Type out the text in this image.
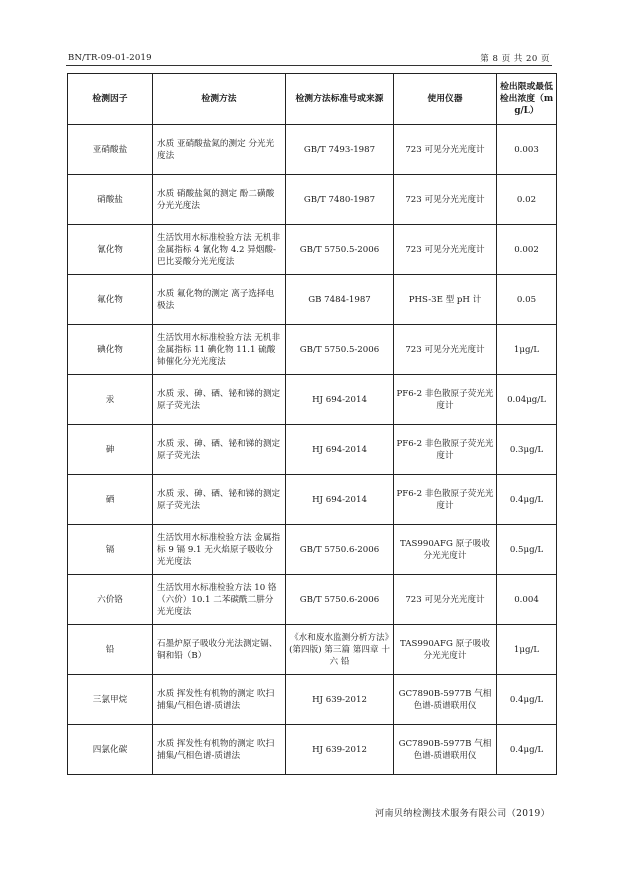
BN/TR-09-01-2019	第 8 页 共 20 页
检测因子	检测方法	检测方法标准号或来源	使用仪器	检出限或最低检出浓度（mg/L）
亚硝酸盐	水质 亚硝酸盐氮的测定 分光光度法	GB/T 7493-1987	723 可见分光光度计	0.003
硝酸盐	水质 硝酸盐氮的测定 酚二磺酸分光光度法	GB/T 7480-1987	723 可见分光光度计	0.02
氰化物	生活饮用水标准检验方法 无机非金属指标 4 氰化物 4.2 异烟酸-巴比妥酸分光光度法	GB/T 5750.5-2006	723 可见分光光度计	0.002
氟化物	水质 氟化物的测定 离子选择电极法	GB 7484-1987	PHS-3E 型 pH 计	0.05
碘化物	生活饮用水标准检验方法 无机非金属指标 11 碘化物 11.1 硫酸铈催化分光光度法	GB/T 5750.5-2006	723 可见分光光度计	1μg/L
汞	水质 汞、砷、硒、铋和锑的测定 原子荧光法	HJ 694-2014	PF6-2 非色散原子荧光光度计	0.04μg/L
砷	水质 汞、砷、硒、铋和锑的测定 原子荧光法	HJ 694-2014	PF6-2 非色散原子荧光光度计	0.3μg/L
硒	水质 汞、砷、硒、铋和锑的测定 原子荧光法	HJ 694-2014	PF6-2 非色散原子荧光光度计	0.4μg/L
镉	生活饮用水标准检验方法 金属指标 9 镉 9.1 无火焰原子吸收分光光度法	GB/T 5750.6-2006	TAS990AFG 原子吸收分光光度计	0.5μg/L
六价铬	生活饮用水标准检验方法 10 铬（六价）10.1 二苯碳酰二肼分光光度法	GB/T 5750.6-2006	723 可见分光光度计	0.004
铅	石墨炉原子吸收分光法测定镉、铜和铅（B）	《水和废水监测分析方法》(第四版) 第三篇 第四章 十六 铅	TAS990AFG 原子吸收分光光度计	1μg/L
三氯甲烷	水质 挥发性有机物的测定 吹扫捕集/气相色谱-质谱法	HJ 639-2012	GC7890B-5977B 气相色谱-质谱联用仪	0.4μg/L
四氯化碳	水质 挥发性有机物的测定 吹扫捕集/气相色谱-质谱法	HJ 639-2012	GC7890B-5977B 气相色谱-质谱联用仪	0.4μg/L
河南贝纳检测技术服务有限公司（2019）
